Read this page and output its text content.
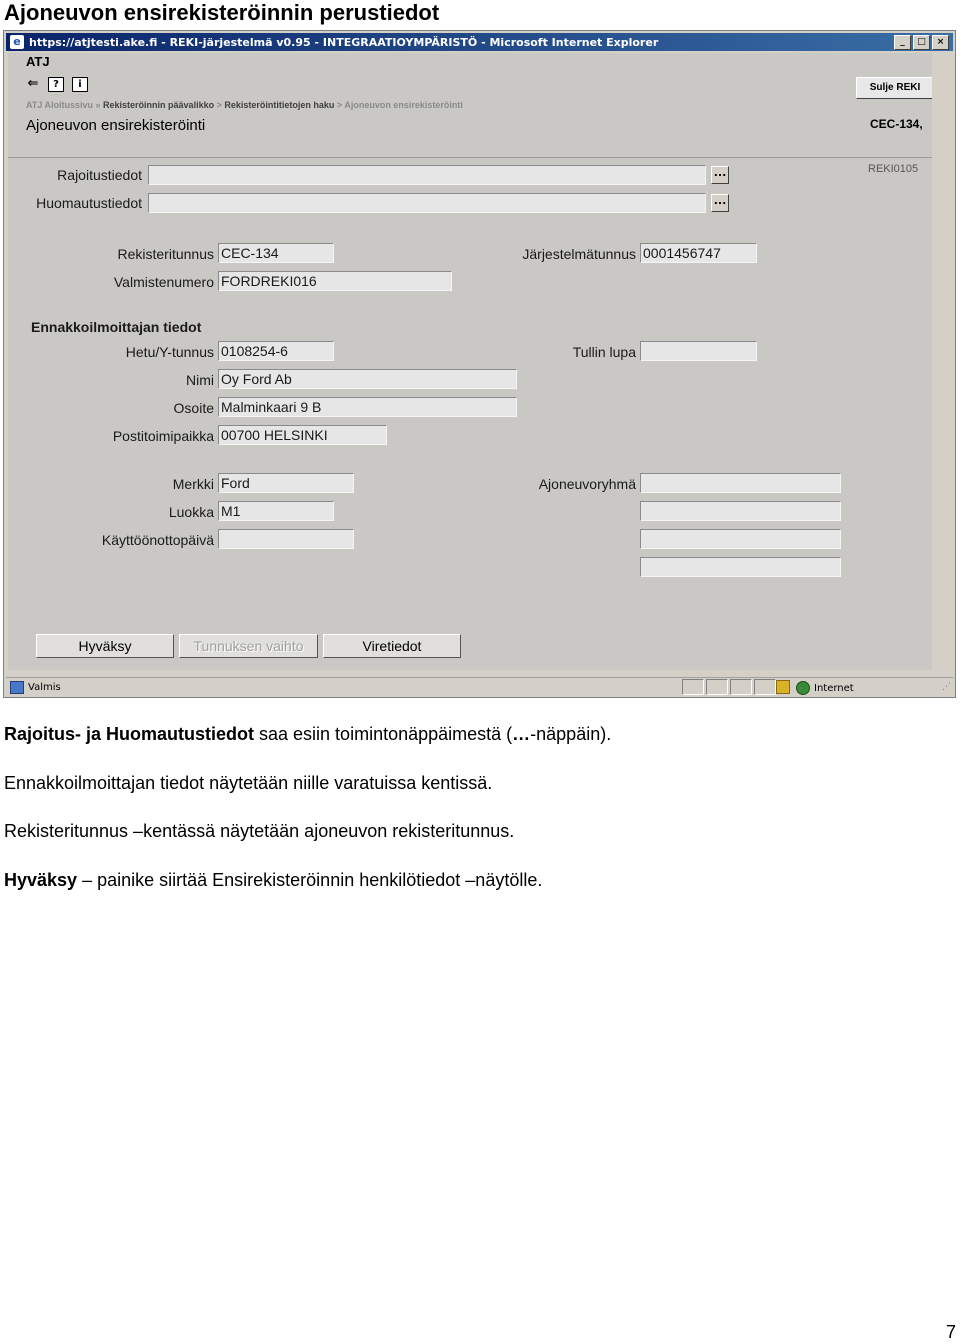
Ajoneuvon ensirekisteröinnin perustiedot
e https://atjtesti.ake.fi - REKI-järjestelmä v0.95 - INTEGRAATIOYMPÄRISTÖ - Microsoft Internet Explorer	_	□	×
ATJ
⇐	?	i	Sulje REKI
ATJ Aloitussivu » Rekisteröinnin päävalikko > Rekisteröintitietojen haku > Ajoneuvon ensirekisteröinti
Ajoneuvon ensirekisteröinti	CEC-134,
REKI0105
Rajoitustiedot	...
Huomautustiedot	...
Rekisteritunnus CEC-134	Järjestelmätunnus 0001456747
Valmistenumero FORDREKI016
Ennakkoilmoittajan tiedot
Hetu/Y-tunnus 0108254-6	Tullin lupa
Nimi Oy Ford Ab
Osoite Malminkaari 9 B
Postitoimipaikka 00700 HELSINKI
Merkki Ford	Ajoneuvoryhmä
Luokka M1
Käyttöönottopäivä
Hyväksy	Tunnuksen vaihto	Viretiedot
Valmis	Internet	⋰
Rajoitus- ja Huomautustiedot saa esiin toimintonäppäimestä (…-näppäin).
Ennakkoilmoittajan tiedot näytetään niille varatuissa kentissä.
Rekisteritunnus –kentässä näytetään ajoneuvon rekisteritunnus.
Hyväksy – painike siirtää Ensirekisteröinnin henkilötiedot –näytölle.
7
